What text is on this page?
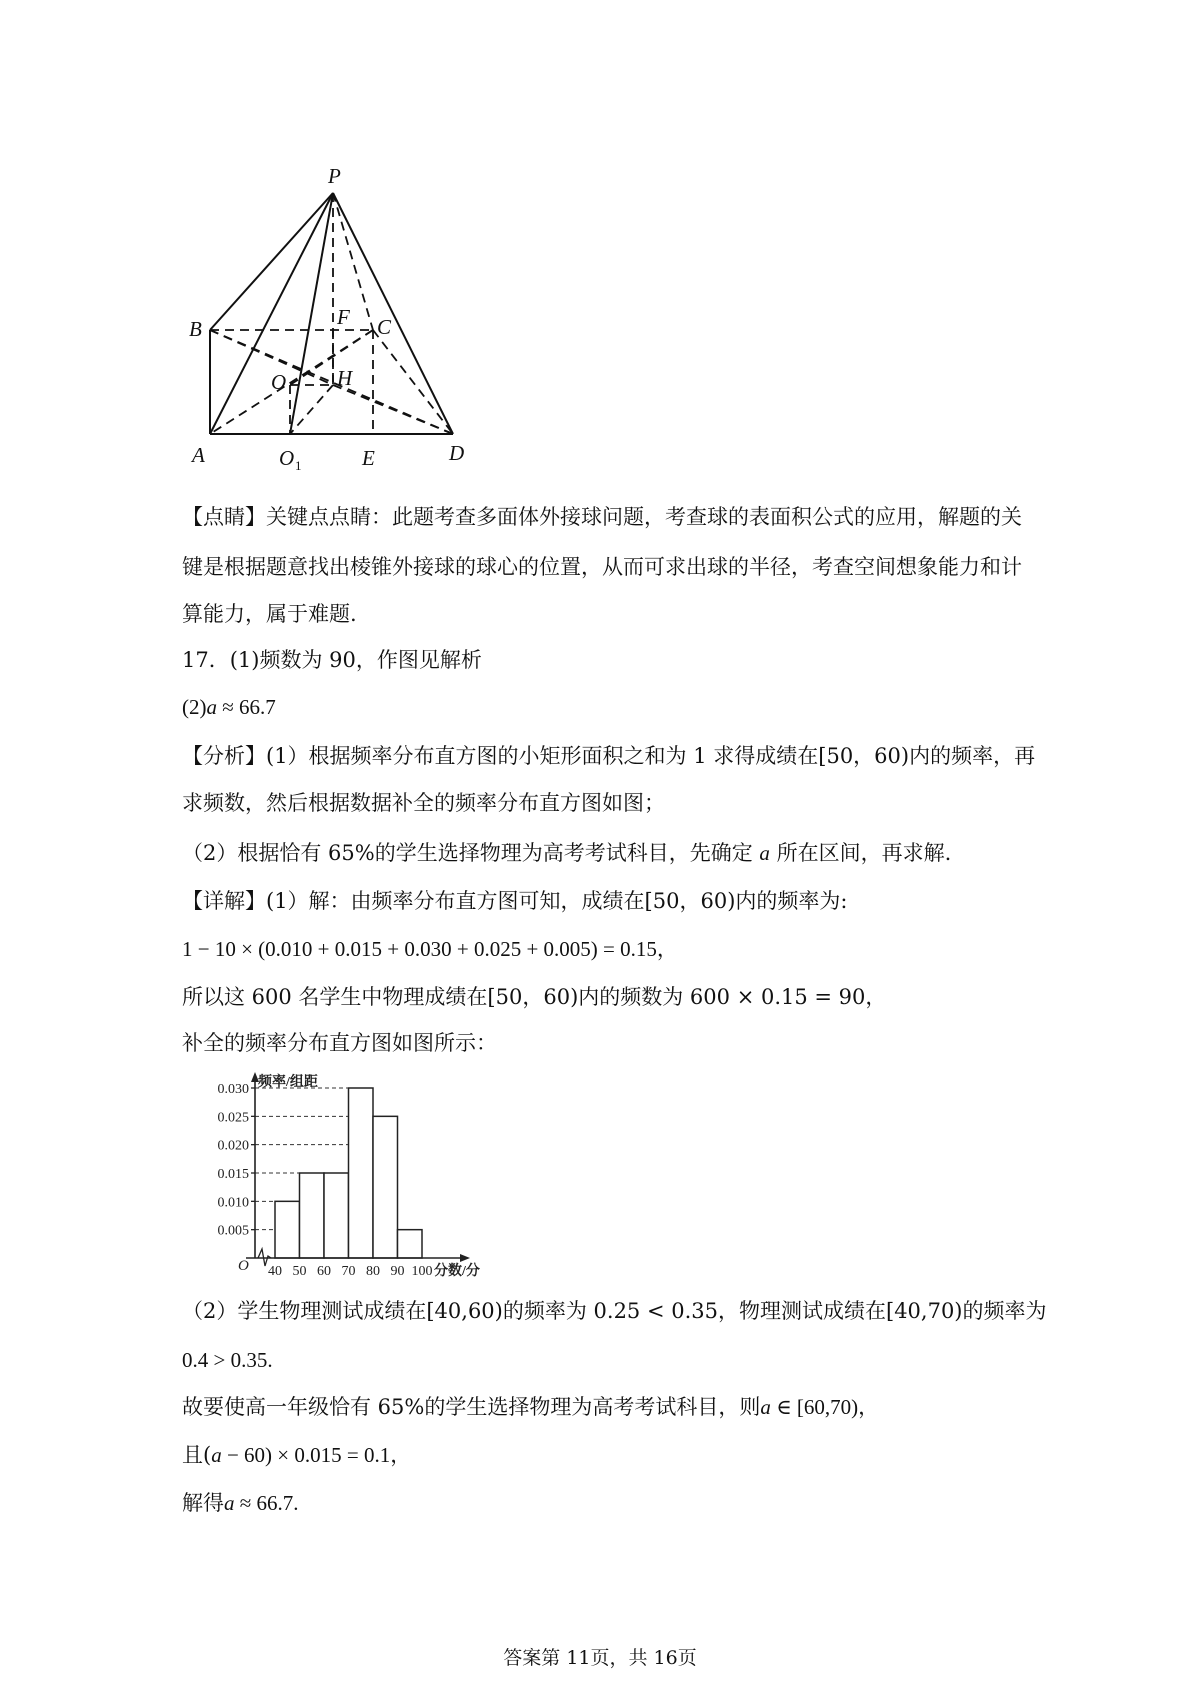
P
B	F C
O H
A	O	E	D
1
【点睛】关键点点睛：此题考查多面体外接球问题，考查球的表面积公式的应用，解题的关
键是根据题意找出棱锥外接球的球心的位置，从而可求出球的半径，考查空间想象能力和计
算能力，属于难题.
17．(1)频数为 90，作图见解析
(2)a ≈ 66.7
【分析】(1）根据频率分布直方图的小矩形面积之和为 1 求得成绩在[50，60)内的频率，再
求频数，然后根据数据补全的频率分布直方图如图；
（2）根据恰有 65%的学生选择物理为高考考试科目，先确定 a 所在区间，再求解.
【详解】(1）解：由频率分布直方图可知，成绩在[50，60)内的频率为:
1 − 10 × (0.010 + 0.015 + 0.030 + 0.025 + 0.005) = 0.15，
所以这 600 名学生中物理成绩在[50，60)内的频数为 600 × 0.15 = 90，
补全的频率分布直方图如图所示：
0.030
0.025
0.020
0.015
0.010
0.005
40 50 60 70 80 90 100
O
频率/组距
分数/分
（2）学生物理测试成绩在[40,60)的频率为 0.25 < 0.35，物理测试成绩在[40,70)的频率为
0.4 > 0.35.
故要使高一年级恰有 65%的学生选择物理为高考考试科目，则a ∈ [60,70)，
且(a − 60) × 0.015 = 0.1，
解得a ≈ 66.7.
答案第 11页，共 16页
